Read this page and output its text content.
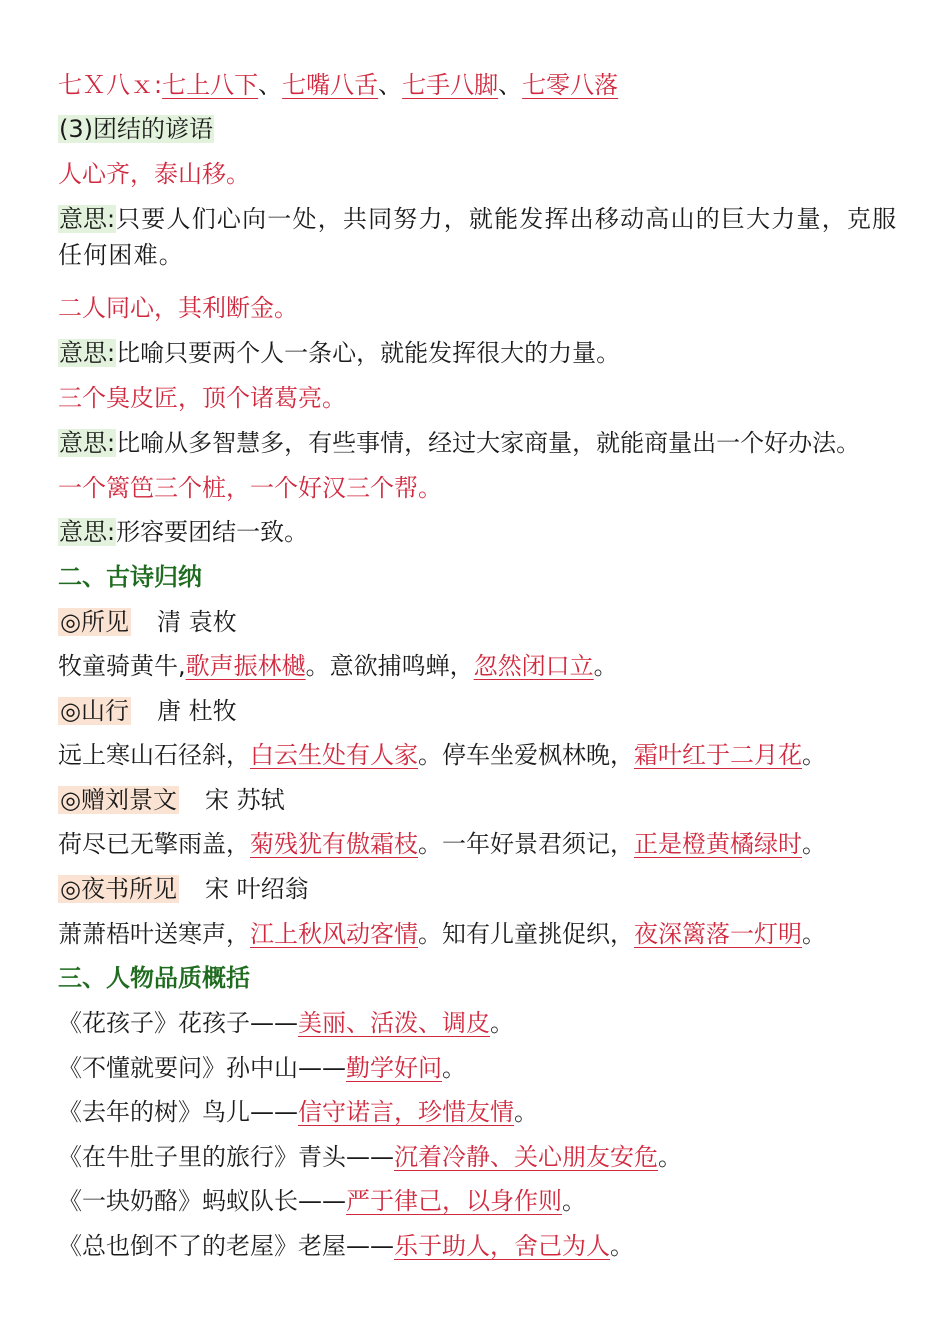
七Ｘ八ｘ:七上八下、七嘴八舌、七手八脚、七零八落
(3)团结的谚语
人心齐，泰山移。
意思:只要人们心向一处，共同努力，就能发挥出移动高山的巨大力量，克服任何困难。
二人同心，其利断金。
意思:比喻只要两个人一条心，就能发挥很大的力量。
三个臭皮匠，顶个诸葛亮。
意思:比喻从多智慧多，有些事情，经过大家商量，就能商量出一个好办法。
一个篱笆三个桩，一个好汉三个帮。
意思:形容要团结一致。
二、古诗归纳
◎所见 清 袁枚
牧童骑黄牛,歌声振林樾。意欲捕鸣蝉，忽然闭口立。
◎山行 唐 杜牧
远上寒山石径斜，白云生处有人家。停车坐爱枫林晚，霜叶红于二月花。
◎赠刘景文 宋 苏轼
荷尽已无擎雨盖，菊残犹有傲霜枝。一年好景君须记，正是橙黄橘绿时。
◎夜书所见 宋 叶绍翁
萧萧梧叶送寒声，江上秋风动客情。知有儿童挑促织，夜深篱落一灯明。
三、人物品质概括
《花孩子》花孩子——美丽、活泼、调皮。
《不懂就要问》孙中山——勤学好问。
《去年的树》鸟儿——信守诺言，珍惜友情。
《在牛肚子里的旅行》青头——沉着冷静、关心朋友安危。
《一块奶酪》蚂蚁队长——严于律己，以身作则。
《总也倒不了的老屋》老屋——乐于助人，舍己为人。
